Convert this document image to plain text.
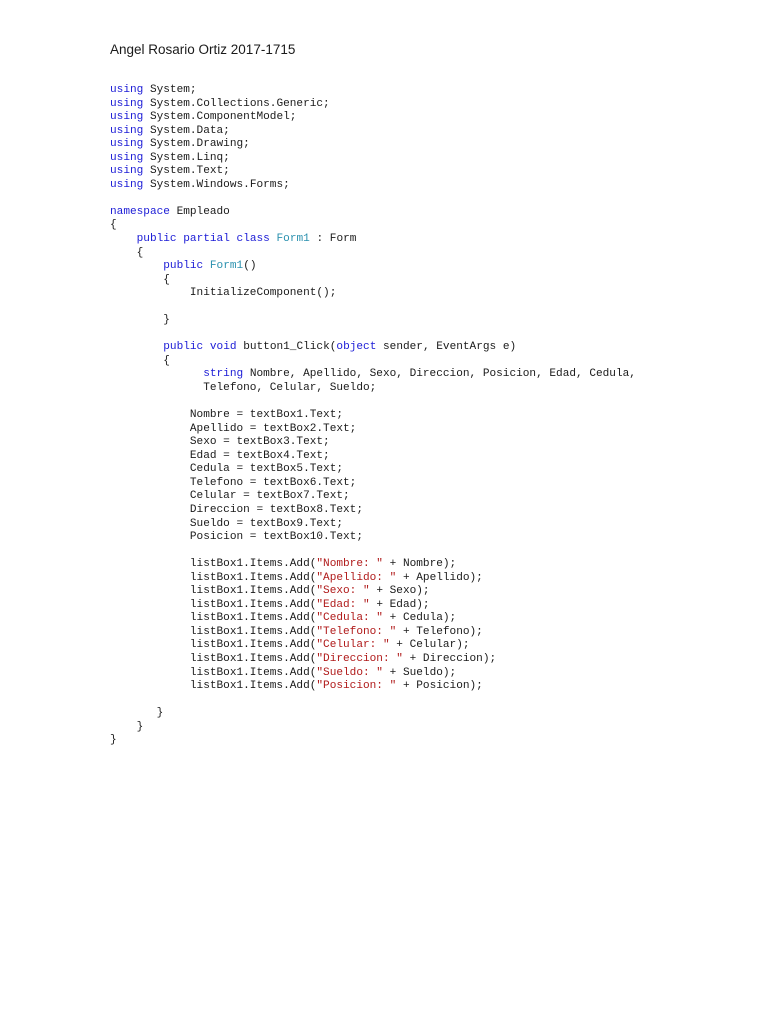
Angel Rosario Ortiz 2017-1715
using System;
using System.Collections.Generic;
using System.ComponentModel;
using System.Data;
using System.Drawing;
using System.Linq;
using System.Text;
using System.Windows.Forms;
namespace Empleado
{
public partial class Form1 : Form
{
public Form1()
{
InitializeComponent();
}
public void button1_Click(object sender, EventArgs e)
{
string Nombre, Apellido, Sexo, Direccion, Posicion, Edad, Cedula,
Telefono, Celular, Sueldo;
Nombre = textBox1.Text;
Apellido = textBox2.Text;
Sexo = textBox3.Text;
Edad = textBox4.Text;
Cedula = textBox5.Text;
Telefono = textBox6.Text;
Celular = textBox7.Text;
Direccion = textBox8.Text;
Sueldo = textBox9.Text;
Posicion = textBox10.Text;
listBox1.Items.Add("Nombre: " + Nombre);
listBox1.Items.Add("Apellido: " + Apellido);
listBox1.Items.Add("Sexo: " + Sexo);
listBox1.Items.Add("Edad: " + Edad);
listBox1.Items.Add("Cedula: " + Cedula);
listBox1.Items.Add("Telefono: " + Telefono);
listBox1.Items.Add("Celular: " + Celular);
listBox1.Items.Add("Direccion: " + Direccion);
listBox1.Items.Add("Sueldo: " + Sueldo);
listBox1.Items.Add("Posicion: " + Posicion);
}
}
}
